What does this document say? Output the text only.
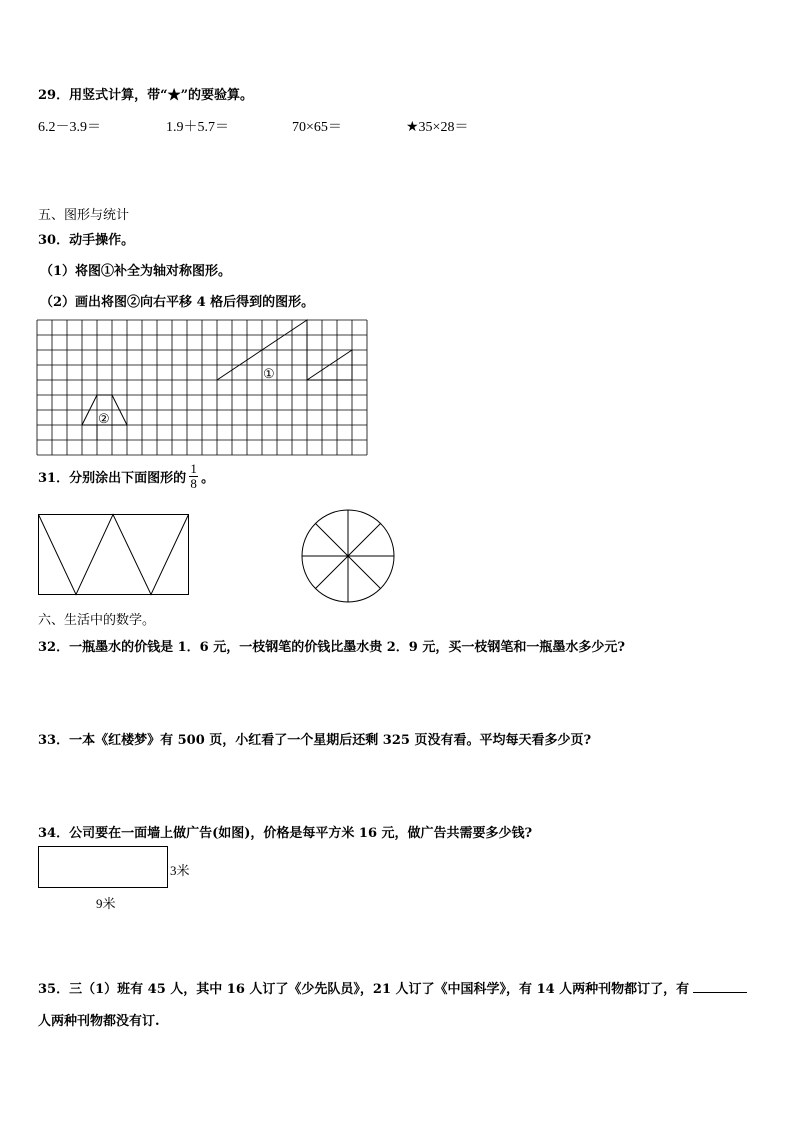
29．用竖式计算，带“★”的要验算。
6.2－3.9＝	1.9＋5.7＝	70×65＝	★35×28＝
五、图形与统计
30．动手操作。
（1）将图①补全为轴对称图形。
（2）画出将图②向右平移 4 格后得到的图形。
①
②
31．分别涂出下面图形的 $\frac{1}{8}$ 。
六、生活中的数学。
32．一瓶墨水的价钱是 1．6 元，一枝钢笔的价钱比墨水贵 2．9 元，买一枝钢笔和一瓶墨水多少元?
33．一本《红楼梦》有 500 页，小红看了一个星期后还剩 325 页没有看。平均每天看多少页?
34．公司要在一面墙上做广告(如图)，价格是每平方米 16 元，做广告共需要多少钱?
3米
9米
35．三（1）班有 45 人，其中 16 人订了《少先队员》，21 人订了《中国科学》，有 14 人两种刊物都订了，有
人两种刊物都没有订.
